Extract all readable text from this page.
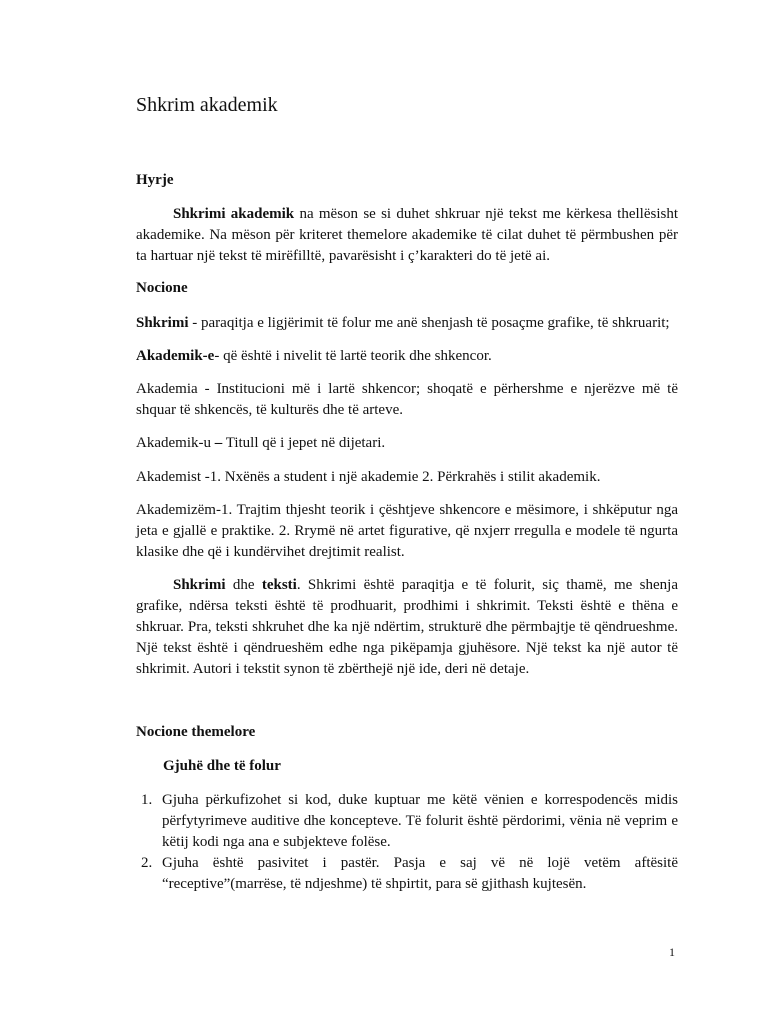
Shkrim akademik
Hyrje

Shkrimi akademik na mëson se si duhet shkruar një tekst me kërkesa thellësisht akademike. Na mëson për kriteret themelore akademike të cilat duhet të përmbushen për ta hartuar një tekst të mirëfilltë, pavarësisht i ç’karakteri do të jetë ai.

Nocione

Shkrimi - paraqitja e ligjërimit të folur me anë shenjash të posaçme grafike, të shkruarit;

Akademik-e- që është i nivelit të lartë teorik dhe shkencor.

Akademia - Institucioni më i lartë shkencor; shoqatë e përhershme e njerëzve më të shquar të shkencës, të kulturës dhe të arteve.

Akademik-u – Titull që i jepet në dijetari.

Akademist -1. Nxënës a student i një akademie 2. Përkrahës i stilit akademik.

Akademizëm-1. Trajtim thjesht teorik i çështjeve shkencore e mësimore, i shkëputur nga jeta e gjallë e praktike. 2. Rrymë në artet figurative, që nxjerr rregulla e modele të ngurta klasike dhe që i kundërvihet drejtimit realist.

Shkrimi dhe teksti. Shkrimi është paraqitja e të folurit, siç thamë, me shenja grafike, ndërsa teksti është të prodhuarit, prodhimi i shkrimit. Teksti është e thëna e shkruar. Pra, teksti shkruhet dhe ka një ndërtim, strukturë dhe përmbajtje të qëndrueshme. Një tekst është i qëndrueshëm edhe nga pikëpamja gjuhësore. Një tekst ka një autor të shkrimit. Autori i tekstit synon të zbërthejë një ide, deri në detaje.

Nocione themelore
Gjuhë dhe të folur
1. Gjuha përkufizohet si kod, duke kuptuar me këtë vënien e korrespodencës midis përfytyrimeve auditive dhe koncepteve. Të folurit është përdorimi, vënia në veprim e këtij kodi nga ana e subjekteve folëse.
2. Gjuha është pasivitet i pastër. Pasja e saj vë në lojë vetëm aftësitë “receptive”(marrëse, të ndjeshme) të shpirtit, para së gjithash kujtesën.
1
